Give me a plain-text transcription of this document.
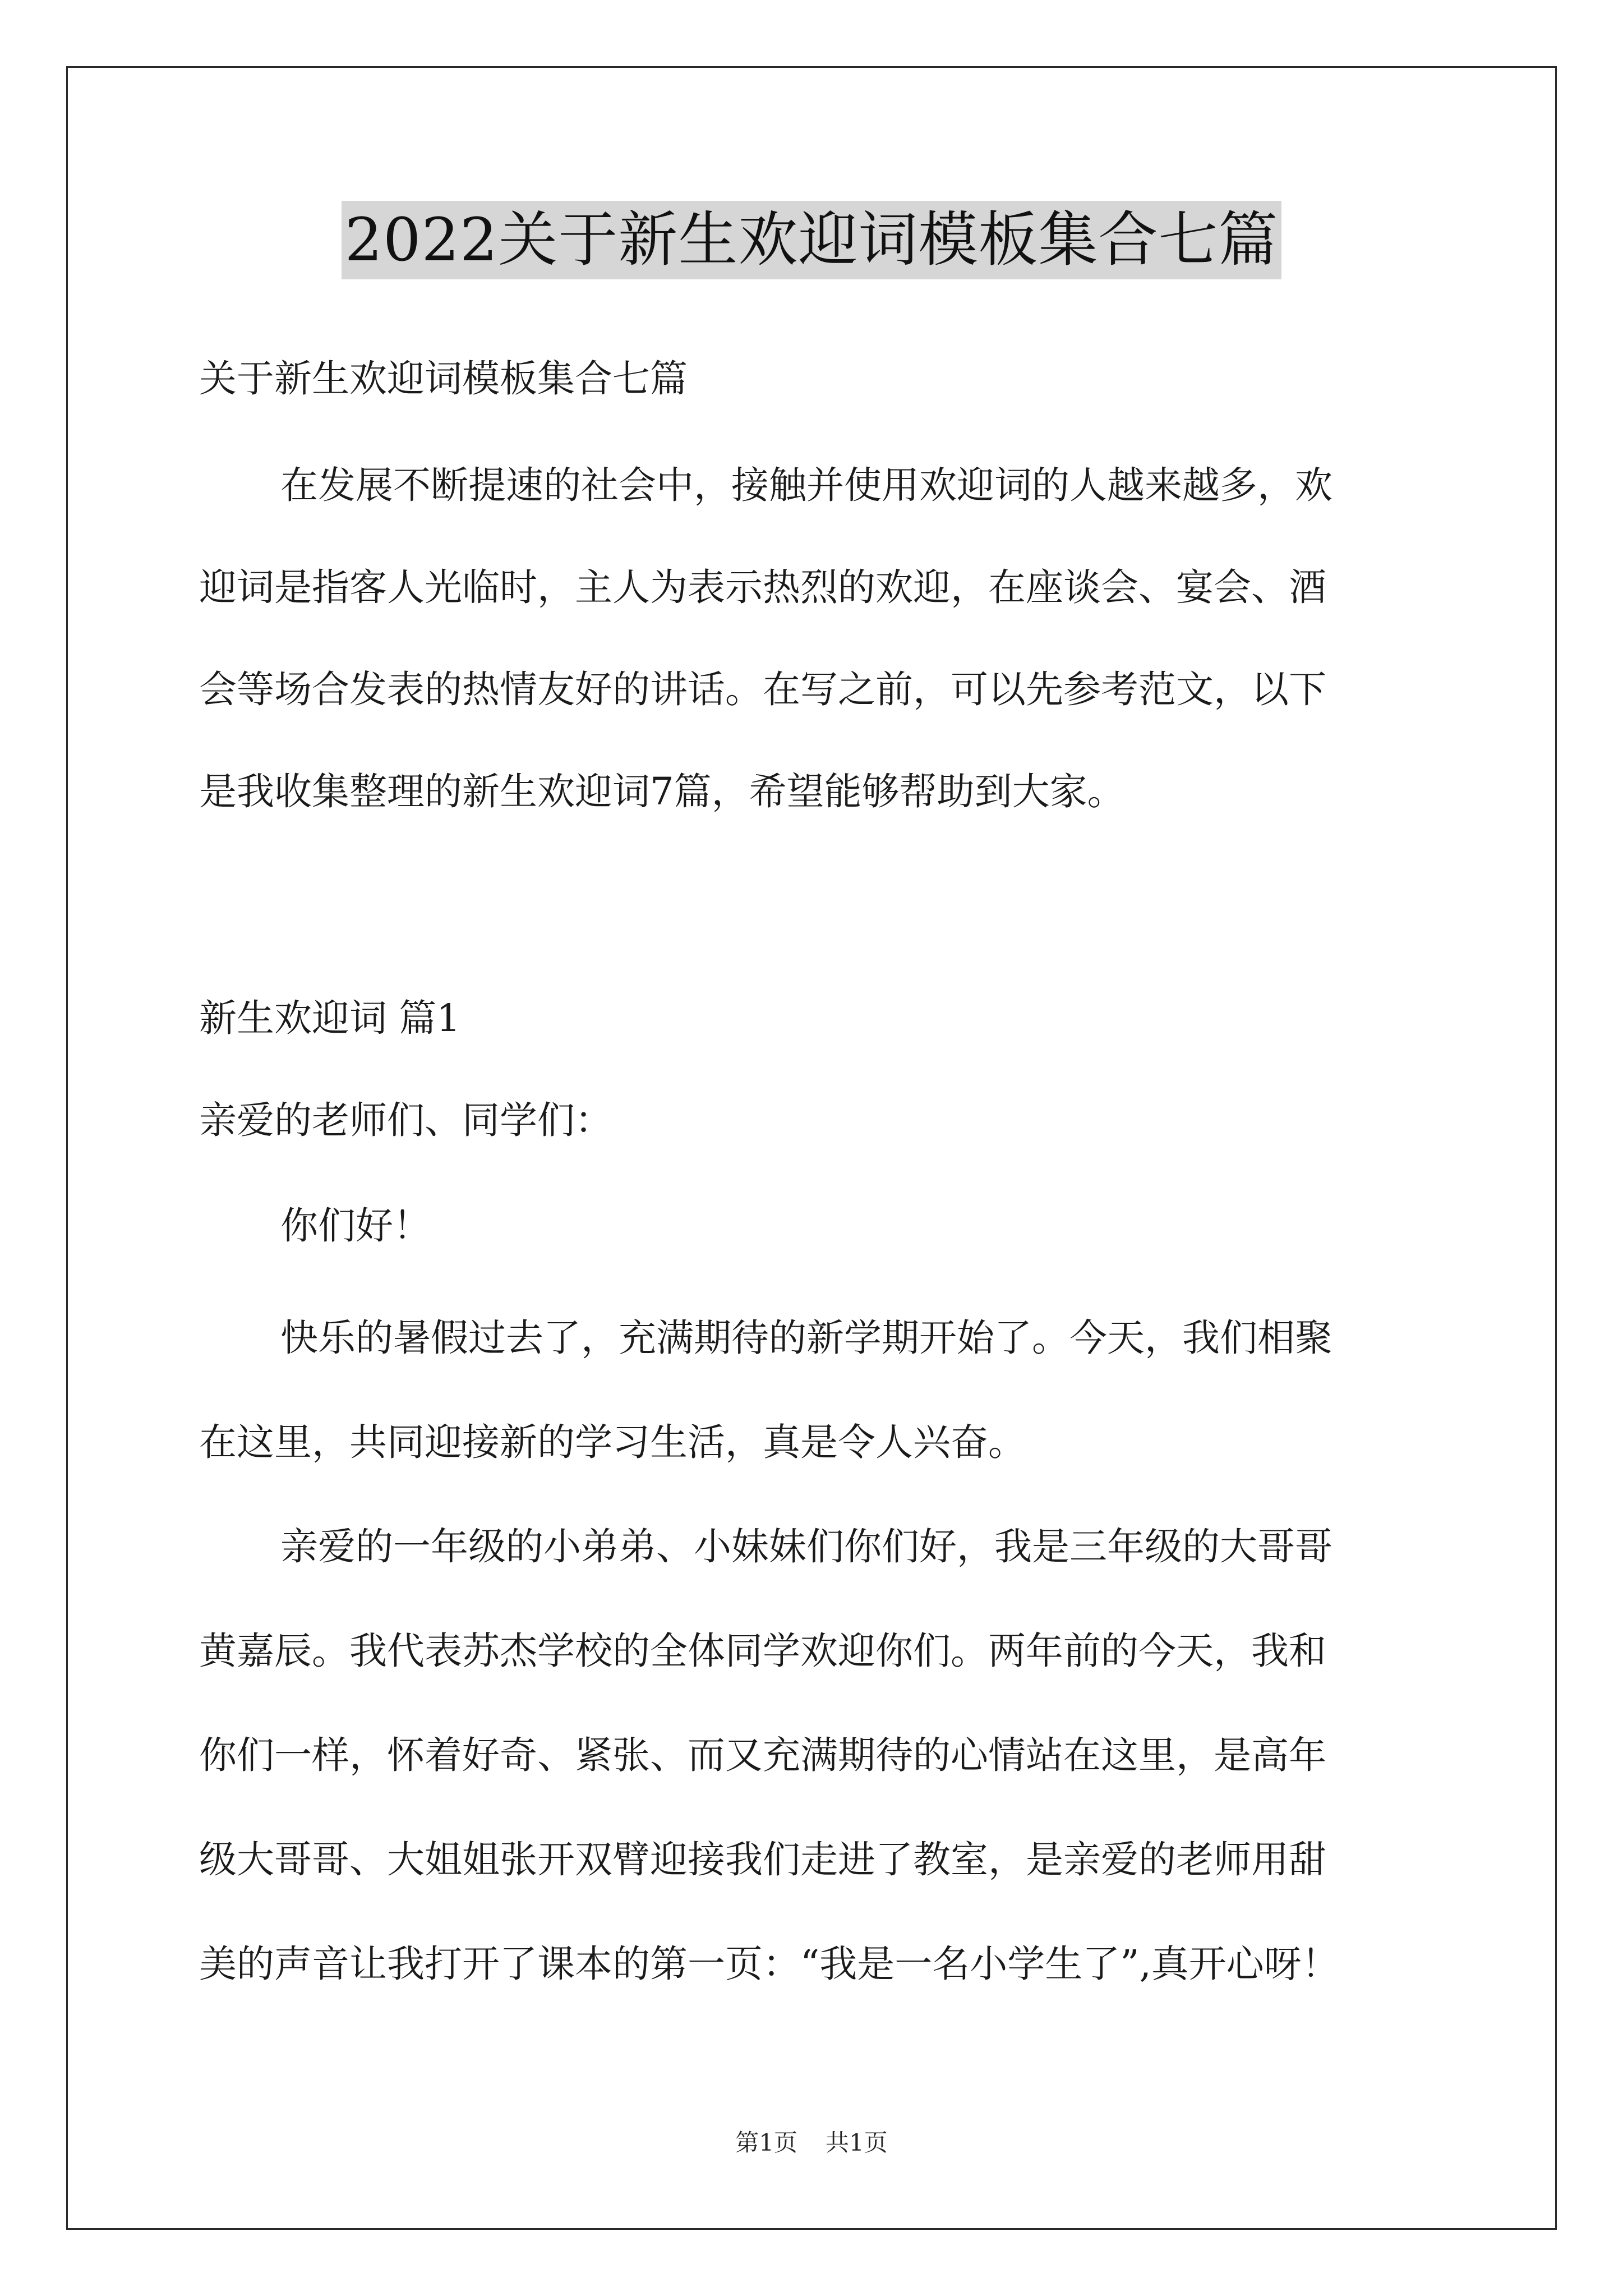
2022关于新生欢迎词模板集合七篇
关于新生欢迎词模板集合七篇
在发展不断提速的社会中，接触并使用欢迎词的人越来越多，欢
迎词是指客人光临时，主人为表示热烈的欢迎，在座谈会、宴会、酒
会等场合发表的热情友好的讲话。在写之前，可以先参考范文，以下
是我收集整理的新生欢迎词7篇，希望能够帮助到大家。
新生欢迎词 篇1
亲爱的老师们、同学们：
你们好！
快乐的暑假过去了，充满期待的新学期开始了。今天，我们相聚
在这里，共同迎接新的学习生活，真是令人兴奋。
亲爱的一年级的小弟弟、小妹妹们你们好，我是三年级的大哥哥
黄嘉辰。我代表苏杰学校的全体同学欢迎你们。两年前的今天，我和
你们一样，怀着好奇、紧张、而又充满期待的心情站在这里，是高年
级大哥哥、大姐姐张开双臂迎接我们走进了教室，是亲爱的老师用甜
美的声音让我打开了课本的第一页：“我是一名小学生了”,真开心呀！
第1页 共1页
